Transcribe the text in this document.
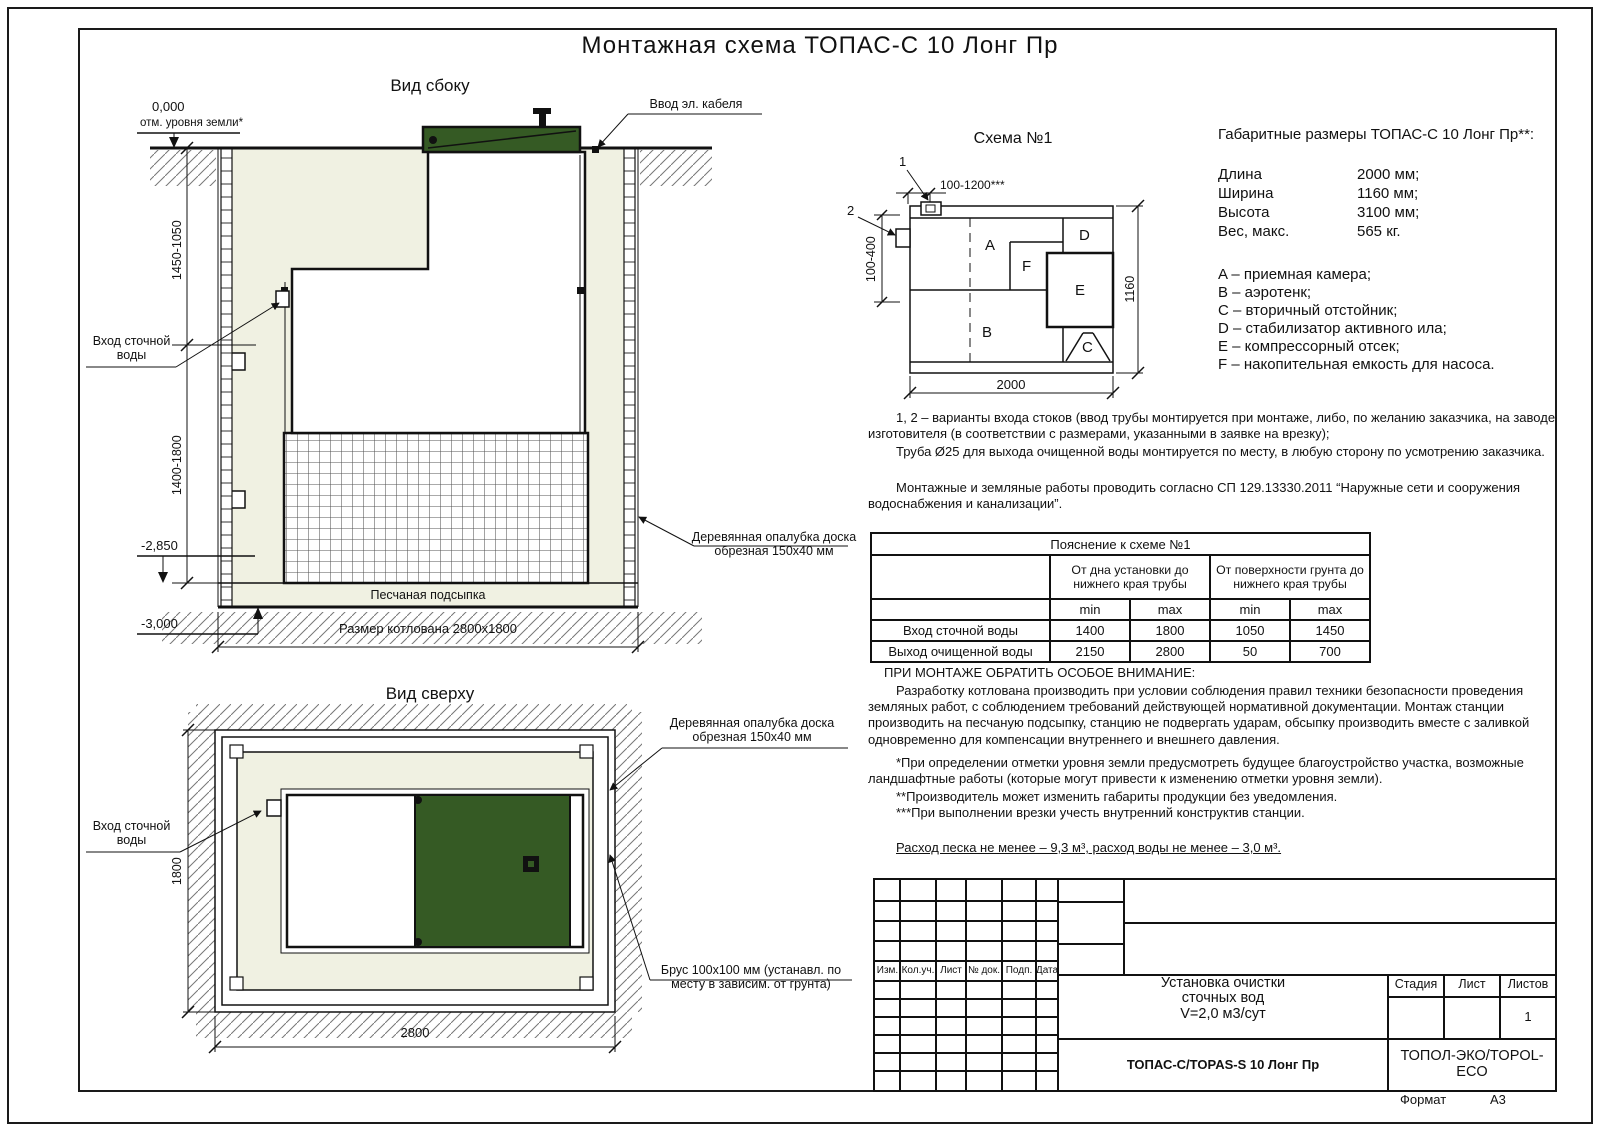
Монтажная схема ТОПАС-С 10 Лонг Пр
Вид сбоку
0,000
отм. уровня земли*
Ввод эл. кабеля
Вход сточной воды
1450-1050
1400-1800
-2,850
-3,000
Песчаная подсыпка
Размер котлована 2800х1800
Деревянная опалубка доска обрезная 150х40 мм
Вид сверху
Вход сточной воды
1800
2800
Деревянная опалубка доска обрезная 150х40 мм
Брус 100х100 мм (устанавл. по месту в зависим. от грунта)
Схема №1
1
2
100-1200***
100-400
2000
1160
A
B
C
D
E
F
Габаритные размеры ТОПАС-С 10 Лонг Пр**:
Длина	2000 мм;
Ширина	1160 мм;
Высота	3100 мм;
Вес, макс.	565 кг.
A – приемная камера;
B – аэротенк;
C – вторичный отстойник;
D – стабилизатор активного ила;
E – компрессорный отсек;
F – накопительная емкость для насоса.
1, 2 – варианты входа стоков (ввод трубы монтируется при монтаже, либо, по желанию заказчика, на заводе изготовителя (в соответствии с размерами, указанными в заявке на врезку);
Труба Ø25 для выхода очищенной воды монтируется по месту, в любую сторону по усмотрению заказчика.
Монтажные и земляные работы проводить согласно СП 129.13330.2011 “Наружные сети и сооружения водоснабжения и канализации”.
Пояснение к схеме №1				
	От дна установки до нижнего края трубы		От поверхности грунта до нижнего края трубы	
	min	max	min	max
Вход сточной воды	1400	1800	1050	1450
Выход очищенной воды	2150	2800	50	700
ПРИ МОНТАЖЕ ОБРАТИТЬ ОСОБОЕ ВНИМАНИЕ:
Разработку котлована производить при условии соблюдения правил техники безопасности проведения земляных работ, с соблюдением требований действующей нормативной документации. Монтаж станции производить на песчаную подсыпку, станцию не подвергать ударам, обсыпку производить вместе с заливкой одновременно для компенсации внутреннего и внешнего давления.
*При определении отметки уровня земли предусмотреть будущее благоустройство участка, возможные ландшафтные работы (которые могут привести к изменению отметки уровня земли).
**Производитель может изменить габариты продукции без уведомления.
***При выполнении врезки учесть внутренний конструктив станции.
Расход песка не менее – 9,3 м³, расход воды не менее – 3,0 м³.
Изм. Кол.уч. Лист № док. Подп. Дата
Установка очистки
сточных вод
V=2,0 м3/сут
Стадия	Лист	Листов
1
ТОПАС-С/TOPAS-S 10 Лонг Пр
ТОПОЛ-ЭКО/TOPOL-ECO
Формат	А3
